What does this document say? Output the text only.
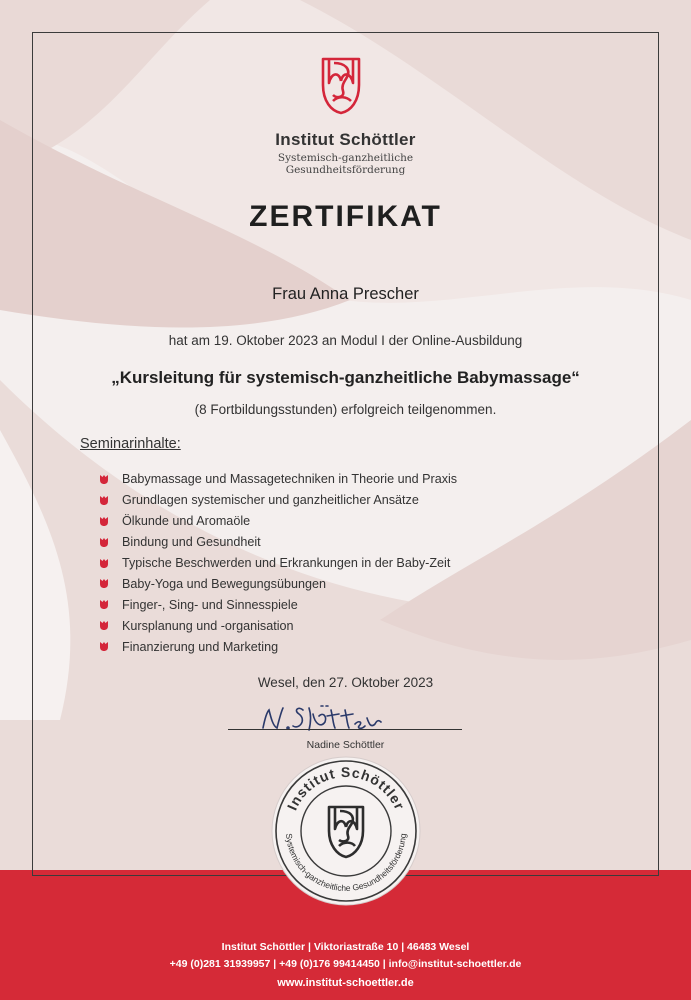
Institut Schöttler
Systemisch-ganzheitliche
Gesundheitsförderung
ZERTIFIKAT
Frau Anna Prescher
hat am 19. Oktober 2023 an Modul I der Online-Ausbildung
„Kursleitung für systemisch-ganzheitliche Babymassage“
(8 Fortbildungsstunden) erfolgreich teilgenommen.
Seminarinhalte:
Babymassage und Massagetechniken in Theorie und Praxis
Grundlagen systemischer und ganzheitlicher Ansätze
Ölkunde und Aromaöle
Bindung und Gesundheit
Typische Beschwerden und Erkrankungen in der Baby-Zeit
Baby-Yoga und Bewegungsübungen
Finger-, Sing- und Sinnesspiele
Kursplanung und -organisation
Finanzierung und Marketing
Wesel, den 27. Oktober 2023
Nadine Schöttler
Institut Schöttler
Systemisch-ganzheitliche Gesundheitsförderung
Institut Schöttler | Viktoriastraße 10 | 46483 Wesel
+49 (0)281 31939957 | +49 (0)176 99414450 | info@institut-schoettler.de
www.institut-schoettler.de
